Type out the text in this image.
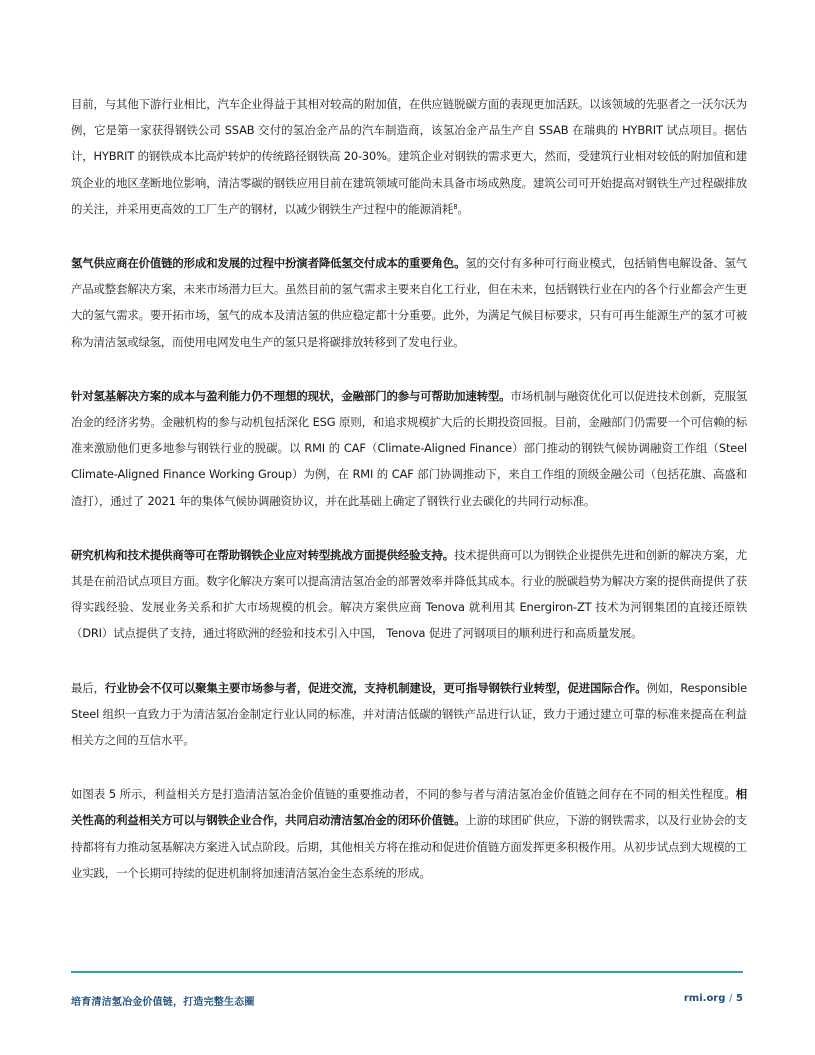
目前，与其他下游行业相比，汽车企业得益于其相对较高的附加值，在供应链脱碳方面的表现更加活跃。以该领域的先驱者之一沃尔沃为例，它是第一家获得钢铁公司 SSAB 交付的氢冶金产品的汽车制造商，该氢冶金产品生产自 SSAB 在瑞典的 HYBRIT 试点项目。据估计，HYBRIT 的钢铁成本比高炉转炉的传统路径钢铁高 20-30%。建筑企业对钢铁的需求更大，然而，受建筑行业相对较低的附加值和建筑企业的地区垄断地位影响，清洁零碳的钢铁应用目前在建筑领域可能尚未具备市场成熟度。建筑公司可开始提高对钢铁生产过程碳排放的关注，并采用更高效的工厂生产的钢材，以减少钢铁生产过程中的能源消耗$^8$。

氢气供应商在价值链的形成和发展的过程中扮演者降低氢交付成本的重要角色。氢的交付有多种可行商业模式，包括销售电解设备、氢气产品或整套解决方案，未来市场潜力巨大。虽然目前的氢气需求主要来自化工行业，但在未来，包括钢铁行业在内的各个行业都会产生更大的氢气需求。要开拓市场，氢气的成本及清洁氢的供应稳定都十分重要。此外，为满足气候目标要求，只有可再生能源生产的氢才可被称为清洁氢或绿氢，而使用电网发电生产的氢只是将碳排放转移到了发电行业。

针对氢基解决方案的成本与盈利能力仍不理想的现状，金融部门的参与可帮助加速转型。市场机制与融资优化可以促进技术创新，克服氢冶金的经济劣势。金融机构的参与动机包括深化 ESG 原则，和追求规模扩大后的长期投资回报。目前，金融部门仍需要一个可信赖的标准来激励他们更多地参与钢铁行业的脱碳。以 RMI 的 CAF（Climate-Aligned Finance）部门推动的钢铁气候协调融资工作组（Steel Climate-Aligned Finance Working Group）为例，在 RMI 的 CAF 部门协调推动下，来自工作组的顶级金融公司（包括花旗、高盛和渣打），通过了 2021 年的集体气候协调融资协议，并在此基础上确定了钢铁行业去碳化的共同行动标准。

研究机构和技术提供商等可在帮助钢铁企业应对转型挑战方面提供经验支持。技术提供商可以为钢铁企业提供先进和创新的解决方案，尤其是在前沿试点项目方面。数字化解决方案可以提高清洁氢冶金的部署效率并降低其成本。行业的脱碳趋势为解决方案的提供商提供了获得实践经验、发展业务关系和扩大市场规模的机会。解决方案供应商 Tenova 就利用其 Energiron-ZT 技术为河钢集团的直接还原铁（DRI）试点提供了支持，通过将欧洲的经验和技术引入中国， Tenova 促进了河钢项目的顺利进行和高质量发展。

最后，行业协会不仅可以聚集主要市场参与者，促进交流，支持机制建设，更可指导钢铁行业转型，促进国际合作。例如，Responsible Steel 组织一直致力于为清洁氢冶金制定行业认同的标准，并对清洁低碳的钢铁产品进行认证，致力于通过建立可靠的标准来提高在利益相关方之间的互信水平。

如图表 5 所示，利益相关方是打造清洁氢冶金价值链的重要推动者，不同的参与者与清洁氢冶金价值链之间存在不同的相关性程度。相关性高的利益相关方可以与钢铁企业合作，共同启动清洁氢冶金的闭环价值链。上游的球团矿供应，下游的钢铁需求，以及行业协会的支持都将有力推动氢基解决方案进入试点阶段。后期，其他相关方将在推动和促进价值链方面发挥更多积极作用。从初步试点到大规模的工业实践，一个长期可持续的促进机制将加速清洁氢冶金生态系统的形成。

培育清洁氢冶金价值链，打造完整生态圈	rmi.org / 5
